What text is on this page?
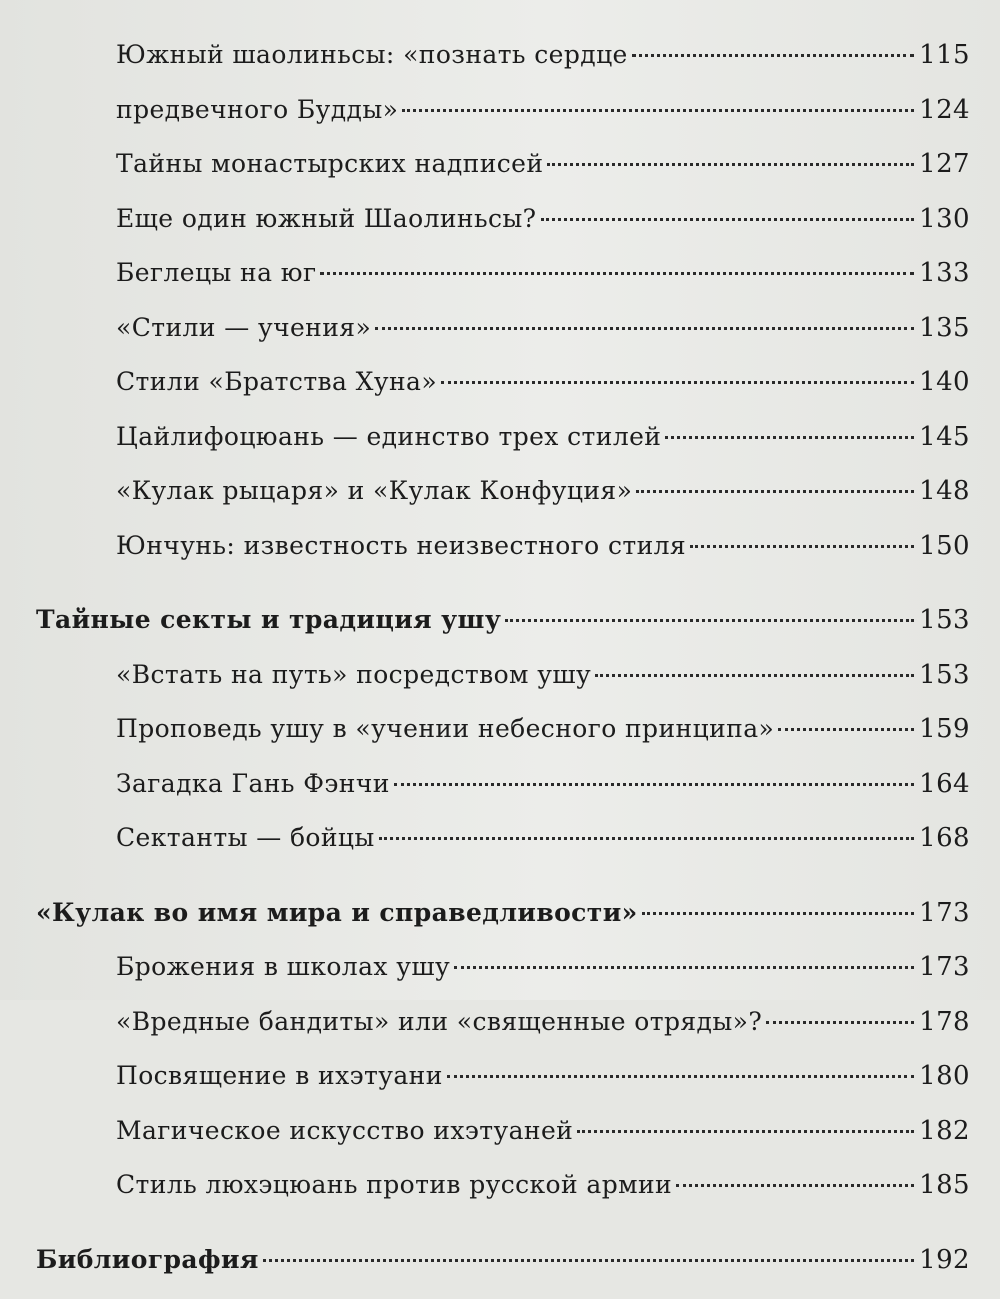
Южный шаолиньсы: «познать сердце	115
предвечного Будды»	124
Тайны монастырских надписей	127
Еще один южный Шаолиньсы?	130
Беглецы на юг	133
«Стили — учения»	135
Стили «Братства Хуна»	140
Цайлифоцюань — единство трех стилей	145
«Кулак рыцаря» и «Кулак Конфуция»	148
Юнчунь: известность неизвестного стиля	150
Тайные секты и традиция ушу	153
«Встать на путь» посредством ушу	153
Проповедь ушу в «учении небесного принципа»	159
Загадка Гань Фэнчи	164
Сектанты — бойцы	168
«Кулак во имя мира и справедливости»	173
Брожения в школах ушу	173
«Вредные бандиты» или «священные отряды»?	178
Посвящение в ихэтуани	180
Магическое искусство ихэтуаней	182
Стиль люхэцюань против русской армии	185
Библиография	192
